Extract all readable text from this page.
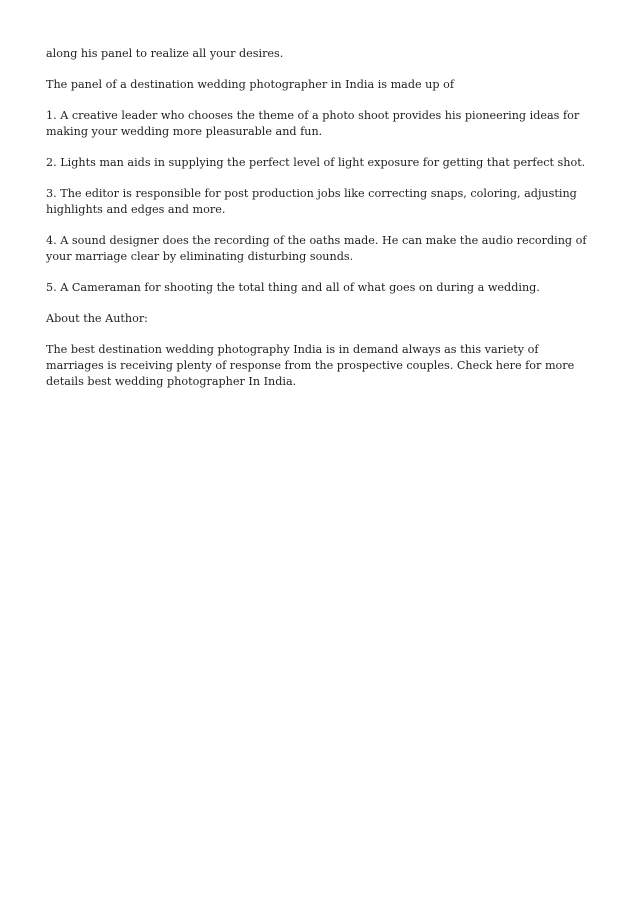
along his panel to realize all your desires.

The panel of a destination wedding photographer in India is made up of

1. A creative leader who chooses the theme of a photo shoot provides his pioneering ideas for making your wedding more pleasurable and fun.

2. Lights man aids in supplying the perfect level of light exposure for getting that perfect shot.

3. The editor is responsible for post production jobs like correcting snaps, coloring, adjusting highlights and edges and more.

4. A sound designer does the recording of the oaths made. He can make the audio recording of your marriage clear by eliminating disturbing sounds.

5. A Cameraman for shooting the total thing and all of what goes on during a wedding.

About the Author:

The best destination wedding photography India is in demand always as this variety of marriages is receiving plenty of response from the prospective couples. Check here for more details best wedding photographer In India.
